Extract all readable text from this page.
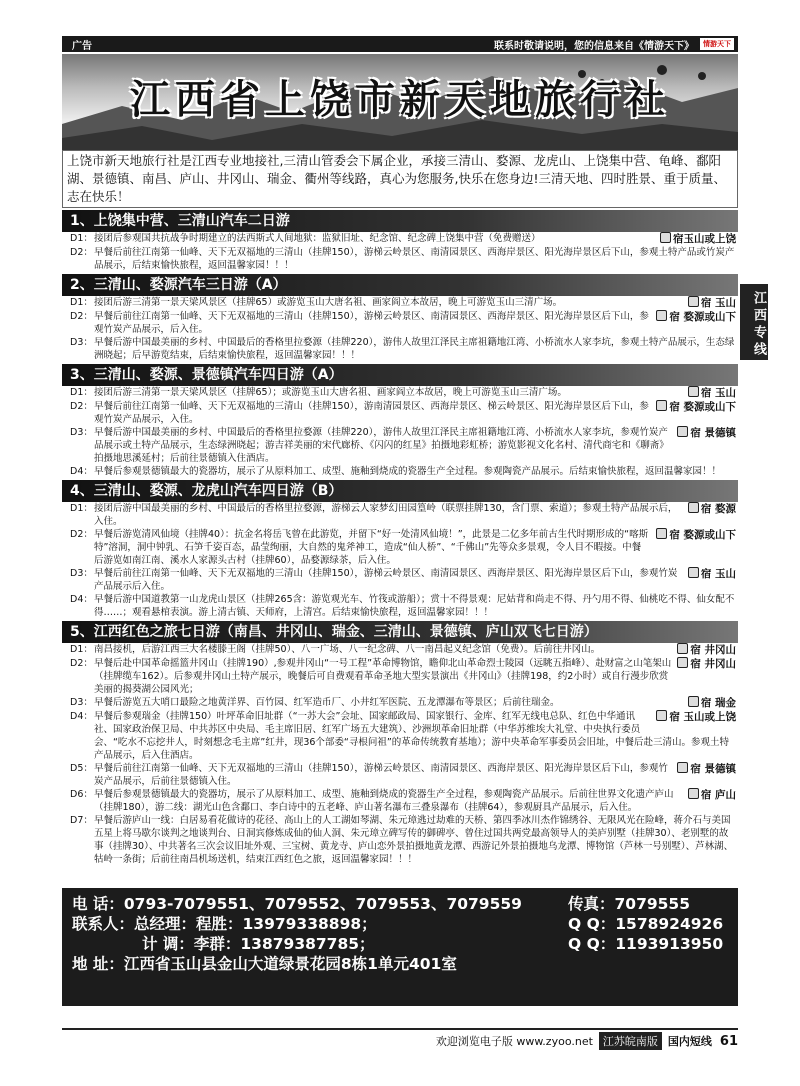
广告	联系时敬请说明，您的信息来自《情游天下》	情游天下
江西省上饶市新天地旅行社
上饶市新天地旅行社是江西专业地接社,三清山管委会下属企业，承接三清山、婺源、龙虎山、上饶集中营、龟峰、鄱阳湖、景德镇、南昌、庐山、井冈山、瑞金、衢州等线路，真心为您服务,快乐在您身边!三清天地、四时胜景、重于质量、志在快乐！
江西专线
1、上饶集中营、三清山汽车二日游
D1：	宿玉山或上饶
接团后参观国共抗战争时期建立的法西斯式人间地狱：监狱旧址、纪念馆、纪念碑上饶集中营（免费赠送）
D2： 早餐后前往江南第一仙峰、天下无双福地的三清山（挂牌150），游梯云岭景区、南清园景区、西海岸景区、阳光海岸景区后下山，参观土特产品或竹炭产品展示，后结束愉快旅程，返回温馨家园！！！
2、三清山、婺源汽车三日游（A）
D1：	宿 玉山
接团后游三清第一景天梁风景区（挂牌65）或游览玉山大唐名祖、画家阎立本故居，晚上可游览玉山三清广场。
D2：	宿 婺源或山下
早餐后前往江南第一仙峰、天下无双福地的三清山（挂牌150），游梯云岭景区、南清园景区、西海岸景区、阳光海岸景区后下山，参观竹炭产品展示，后入住。
D3： 早餐后游中国最美丽的乡村、中国最后的香格里拉婺源（挂牌220），游伟人故里江泽民主席祖籍地江湾、小桥流水人家李坑，参观土特产品展示，生态绿洲晓起；后早游览结束，后结束愉快旅程，返回温馨家园！！！
3、三清山、婺源、景德镇汽车四日游（A）
D1：	宿 玉山
接团后游三清第一景天梁风景区（挂牌65）；或游览玉山大唐名祖、画家阎立本故居，晚上可游览玉山三清广场。
D2：	宿 婺源或山下
早餐后前往江南第一仙峰、天下无双福地的三清山（挂牌150），游南清园景区、西海岸景区、梯云岭景区、阳光海岸景区后下山，参观竹炭产品展示，入住。
D3：	宿 景德镇
早餐后游中国最美丽的乡村、中国最后的香格里拉婺源（挂牌220），游伟人故里江泽民主席祖籍地江湾、小桥流水人家李坑，参观竹炭产品展示或土特产品展示，生态绿洲晓起；游吉祥美丽的宋代廊桥、《闪闪的红星》拍摄地彩虹桥；游览影视文化名村、清代商宅和《聊斋》拍摄地思溪延村；后前往景德镇入住酒店。
D4： 早餐后参观景德镇最大的瓷器坊，展示了从原料加工、成型、施釉到烧成的瓷器生产全过程。参观陶瓷产品展示。后结束愉快旅程，返回温馨家园！！
4、三清山、婺源、龙虎山汽车四日游（B）
D1：	宿 婺源
接团后游中国最美丽的乡村、中国最后的香格里拉婺源，游梯云人家梦幻田园篁岭（联票挂牌130，含门票、索道）；参观土特产品展示后，入住。
D2：	宿 婺源或山下
早餐后游览清风仙境（挂牌40）：抗金名将岳飞曾在此游览，并留下“好一处清风仙境！”，此景是二亿多年前古生代时期形成的“喀斯特”溶洞，洞中钟乳、石笋千姿百态，晶莹绚丽，大自然的鬼斧神工，造成“仙人桥”、“千佛山”先等众多景观，令人目不暇接。中餐后游览如南江南、溪水人家源头古村（挂牌60），品婺源绿茶，后入住。
D3：	宿 玉山
早餐后前往江南第一仙峰、天下无双福地的三清山（挂牌150），游梯云岭景区、南清园景区、西海岸景区、阳光海岸景区后下山，参观竹炭产品展示后入住。
D4： 早餐后游中国道教第一山龙虎山景区（挂牌265含：游览观光车、竹筏或游船）；赏十不得景观：尼姑背和尚走不得、丹勺用不得、仙桃吃不得、仙女配不得……；观看悬棺表演。游上清古镇、天师府，上清宫。后结束愉快旅程，返回温馨家园！！！
5、江西红色之旅七日游（南昌、井冈山、瑞金、三清山、景德镇、庐山双飞七日游）
D1：	宿 井冈山
南昌接机，后游江西三大名楼滕王阁（挂牌50）、八一广场、八一纪念碑、八一南昌起义纪念馆（免费）。后前往井冈山。
D2：	宿 井冈山
早餐后赴中国革命摇篮井冈山（挂牌190）,参观井冈山“一号工程”革命博物馆，瞻仰北山革命烈士陵园（远眺五指峰）、赴财富之山笔架山（挂牌缆车162）。后参观井冈山土特产展示，晚餐后可自费观看革命圣地大型实景演出《井冈山》（挂牌198，约2小时）或自行漫步欣赏美丽的揭葵湖公园风光；
D3：	宿 瑞金
早餐后游览五大哨口最险之地黄洋界、百竹园、红军造币厂、小井红军医院、五龙潭瀑布等景区；后前往瑞金。
D4：	宿 玉山或上饶
早餐后参观瑞金（挂牌150）叶坪革命旧址群（“一苏大会”会址、国家邮政局、国家银行、金库、红军无线电总队、红色中华通讯社、国家政治保卫局、中共苏区中央局、毛主席旧居、红军广场五大建筑）、沙洲坝革命旧址群（中华苏维埃大礼堂、中央执行委员会、“吃水不忘挖井人，时刻想念毛主席”红井，现36个部委“寻根问祖”的革命传统教育基地）；游中央革命军事委员会旧址，中餐后赴三清山。参观土特产品展示，后入住酒店。
D5：	宿 景德镇
早餐后前往江南第一仙峰、天下无双福地的三清山（挂牌150），游梯云岭景区、南清园景区、西海岸景区、阳光海岸景区后下山，参观竹炭产品展示，后前往景德镇入住。
D6：	宿 庐山
早餐后参观景德镇最大的瓷器坊，展示了从原料加工、成型、施釉到烧成的瓷器生产全过程，参观陶瓷产品展示。后前往世界文化遗产庐山（挂牌180），游二线：湖光山色含鄱口、李白诗中的五老峰、庐山著名瀑布三叠泉瀑布（挂牌64），参观厨具产品展示，后入住。
D7： 早餐后游庐山一线：白居易看花做诗的花径、高山上的人工湖如琴湖、朱元璋逃过劫难的天桥、第四季冰川杰作锦绣谷、无限风光在险峰，蒋介石与美国五星上将马歇尔谈判之地谈判台、日洞宾修炼成仙的仙人洞、朱元璋立碑写传的御碑亭、曾住过国共两党最高领导人的美庐别墅（挂牌30）、老别墅的故事（挂牌30）、中共著名三次会议旧址外观、三宝树、黄龙寺、庐山恋外景拍摄地黄龙潭、西游记外景拍摄地乌龙潭、博物馆（芦林一号别墅）、芦林湖、牯岭一条街；后前往南昌机场送机，结束江西红色之旅，返回温馨家园！！！
电 话：0793-7079551、7079552、7079553、7079559	传真：7079555
联系人：总经理：程胜：13979338898；	Q Q：1578924926
计 调：李群：13879387785；	Q Q：1193913950
地 址：江西省玉山县金山大道绿景花园8栋1单元401室
欢迎浏览电子版 www.zyoo.net 江苏皖南版 国内短线 61
